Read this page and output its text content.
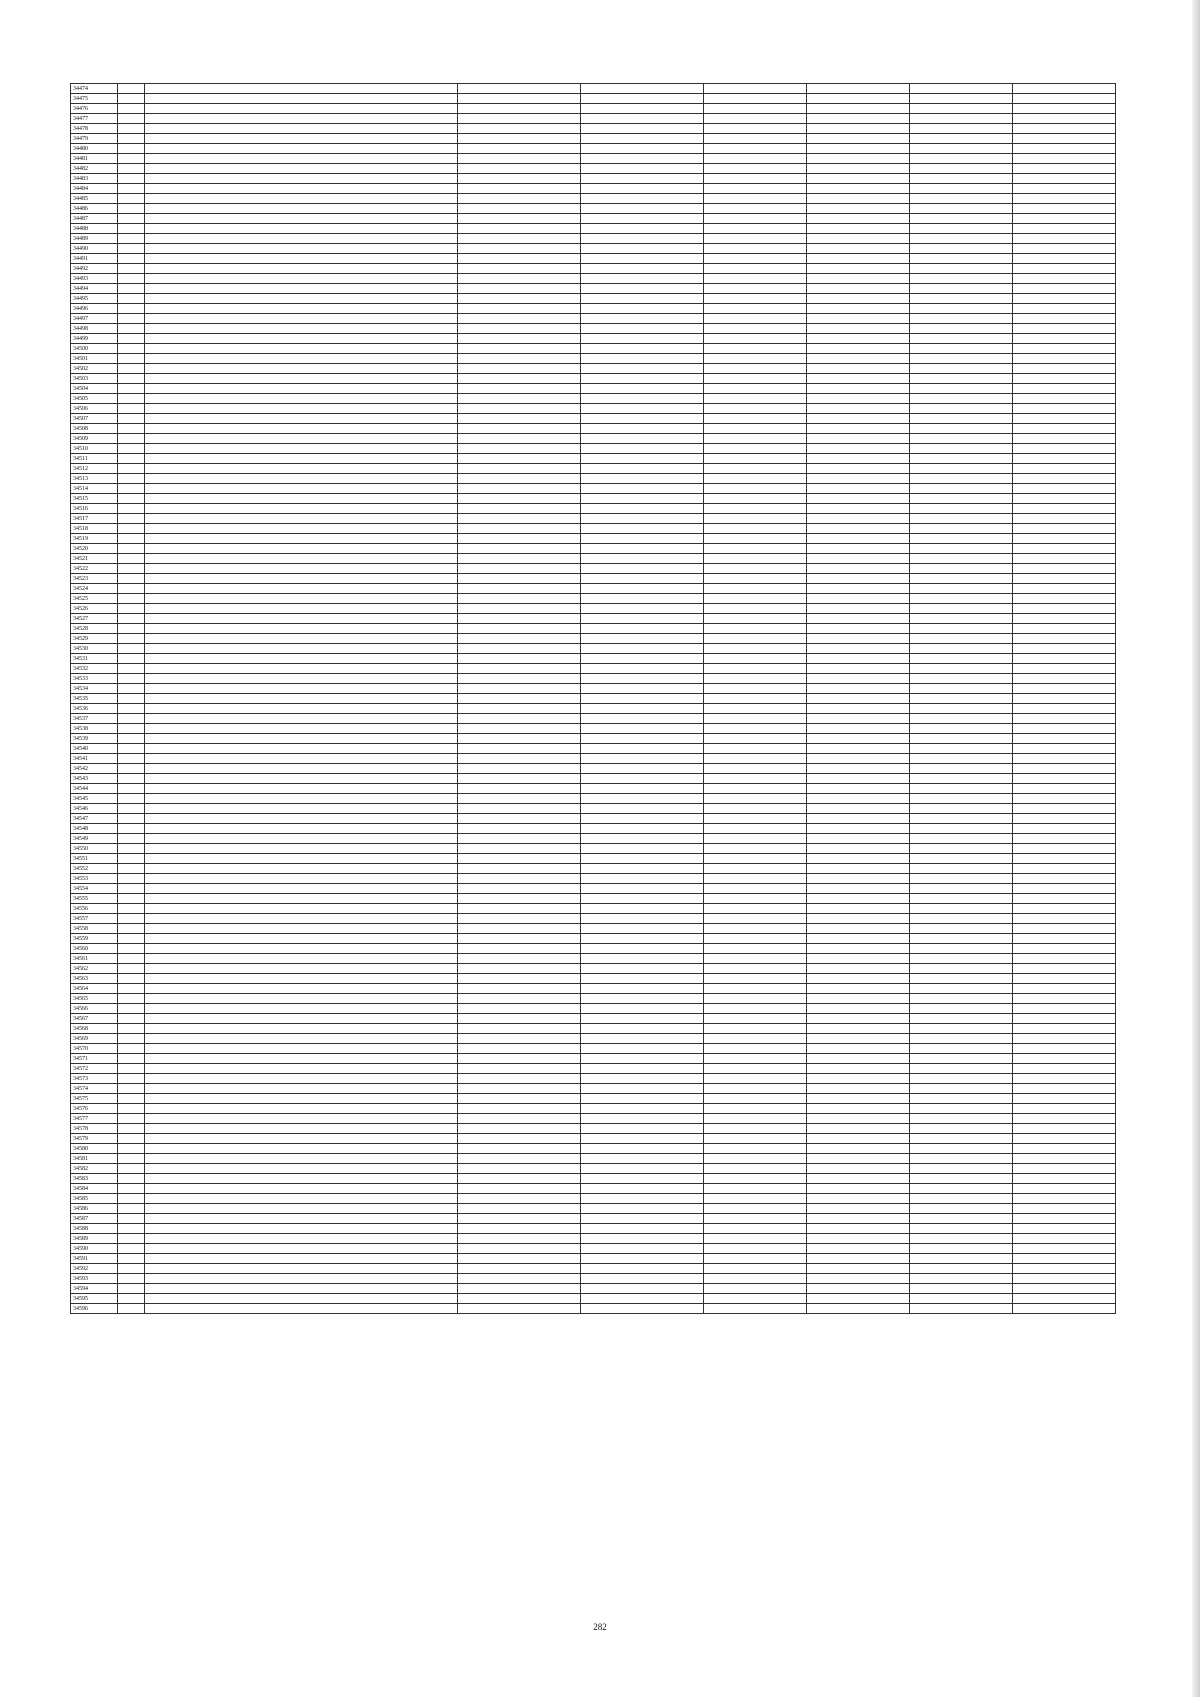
34474								
34475								
34476								
34477								
34478								
34479								
34480								
34481								
34482								
34483								
34484								
34485								
34486								
34487								
34488								
34489								
34490								
34491								
34492								
34493								
34494								
34495								
34496								
34497								
34498								
34499								
34500								
34501								
34502								
34503								
34504								
34505								
34506								
34507								
34508								
34509								
34510								
34511								
34512								
34513								
34514								
34515								
34516								
34517								
34518								
34519								
34520								
34521								
34522								
34523								
34524								
34525								
34526								
34527								
34528								
34529								
34530								
34531								
34532								
34533								
34534								
34535								
34536								
34537								
34538								
34539								
34540								
34541								
34542								
34543								
34544								
34545								
34546								
34547								
34548								
34549								
34550								
34551								
34552								
34553								
34554								
34555								
34556								
34557								
34558								
34559								
34560								
34561								
34562								
34563								
34564								
34565								
34566								
34567								
34568								
34569								
34570								
34571								
34572								
34573								
34574								
34575								
34576								
34577								
34578								
34579								
34580								
34581								
34582								
34583								
34584								
34585								
34586								
34587								
34588								
34589								
34590								
34591								
34592								
34593								
34594								
34595								
34596								
282
